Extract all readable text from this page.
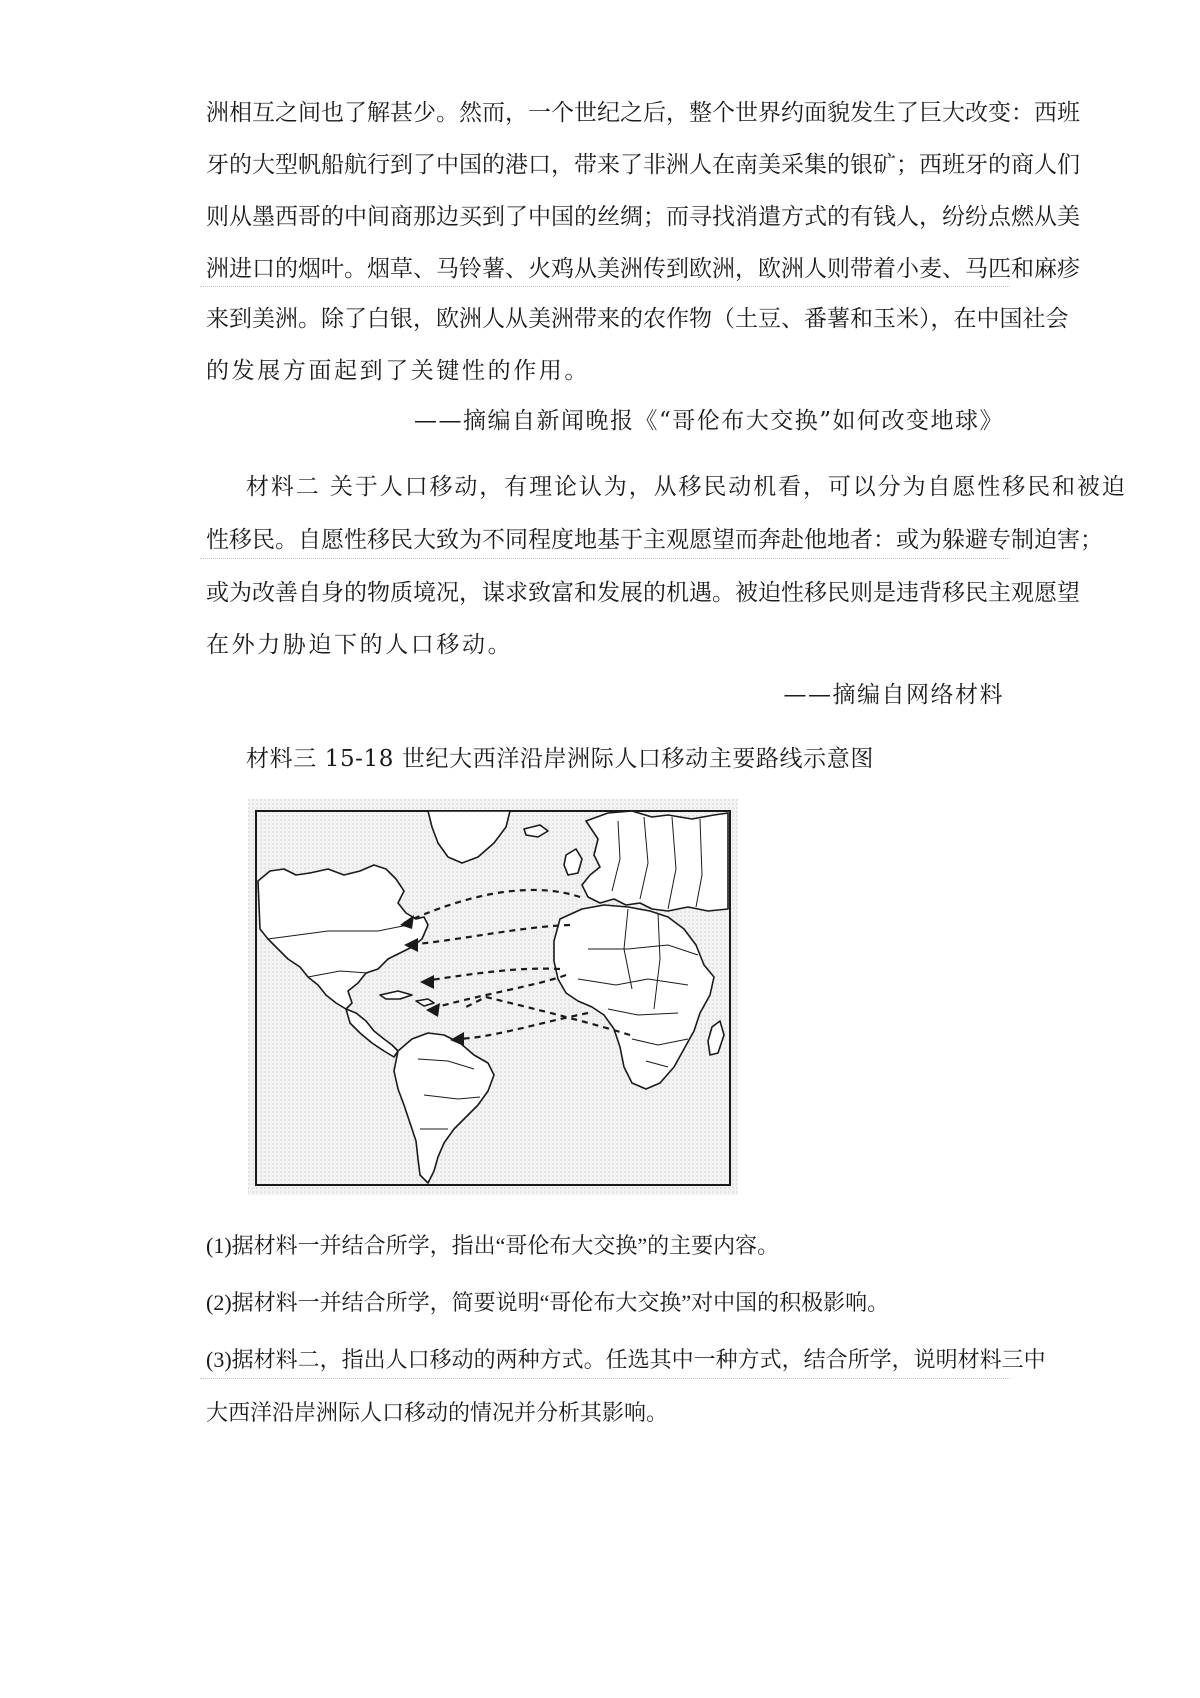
洲相互之间也了解甚少。然而，一个世纪之后，整个世界约面貌发生了巨大改变：西班
牙的大型帆船航行到了中国的港口，带来了非洲人在南美采集的银矿；西班牙的商人们
则从墨西哥的中间商那边买到了中国的丝绸；而寻找消遣方式的有钱人，纷纷点燃从美
洲进口的烟叶。烟草、马铃薯、火鸡从美洲传到欧洲，欧洲人则带着小麦、马匹和麻疹
来到美洲。除了白银，欧洲人从美洲带来的农作物（土豆、番薯和玉米），在中国社会
的发展方面起到了关键性的作用。
——摘编自新闻晚报《“哥伦布大交换”如何改变地球》
材料二 关于人口移动，有理论认为，从移民动机看，可以分为自愿性移民和被迫
性移民。自愿性移民大致为不同程度地基于主观愿望而奔赴他地者：或为躲避专制迫害；
或为改善自身的物质境况，谋求致富和发展的机遇。被迫性移民则是违背移民主观愿望
在外力胁迫下的人口移动。
——摘编自网络材料
材料三 15-18 世纪大西洋沿岸洲际人口移动主要路线示意图
(1)据材料一并结合所学，指出“哥伦布大交换”的主要内容。
(2)据材料一并结合所学，简要说明“哥伦布大交换”对中国的积极影响。
(3)据材料二，指出人口移动的两种方式。任选其中一种方式，结合所学，说明材料三中
大西洋沿岸洲际人口移动的情况并分析其影响。
